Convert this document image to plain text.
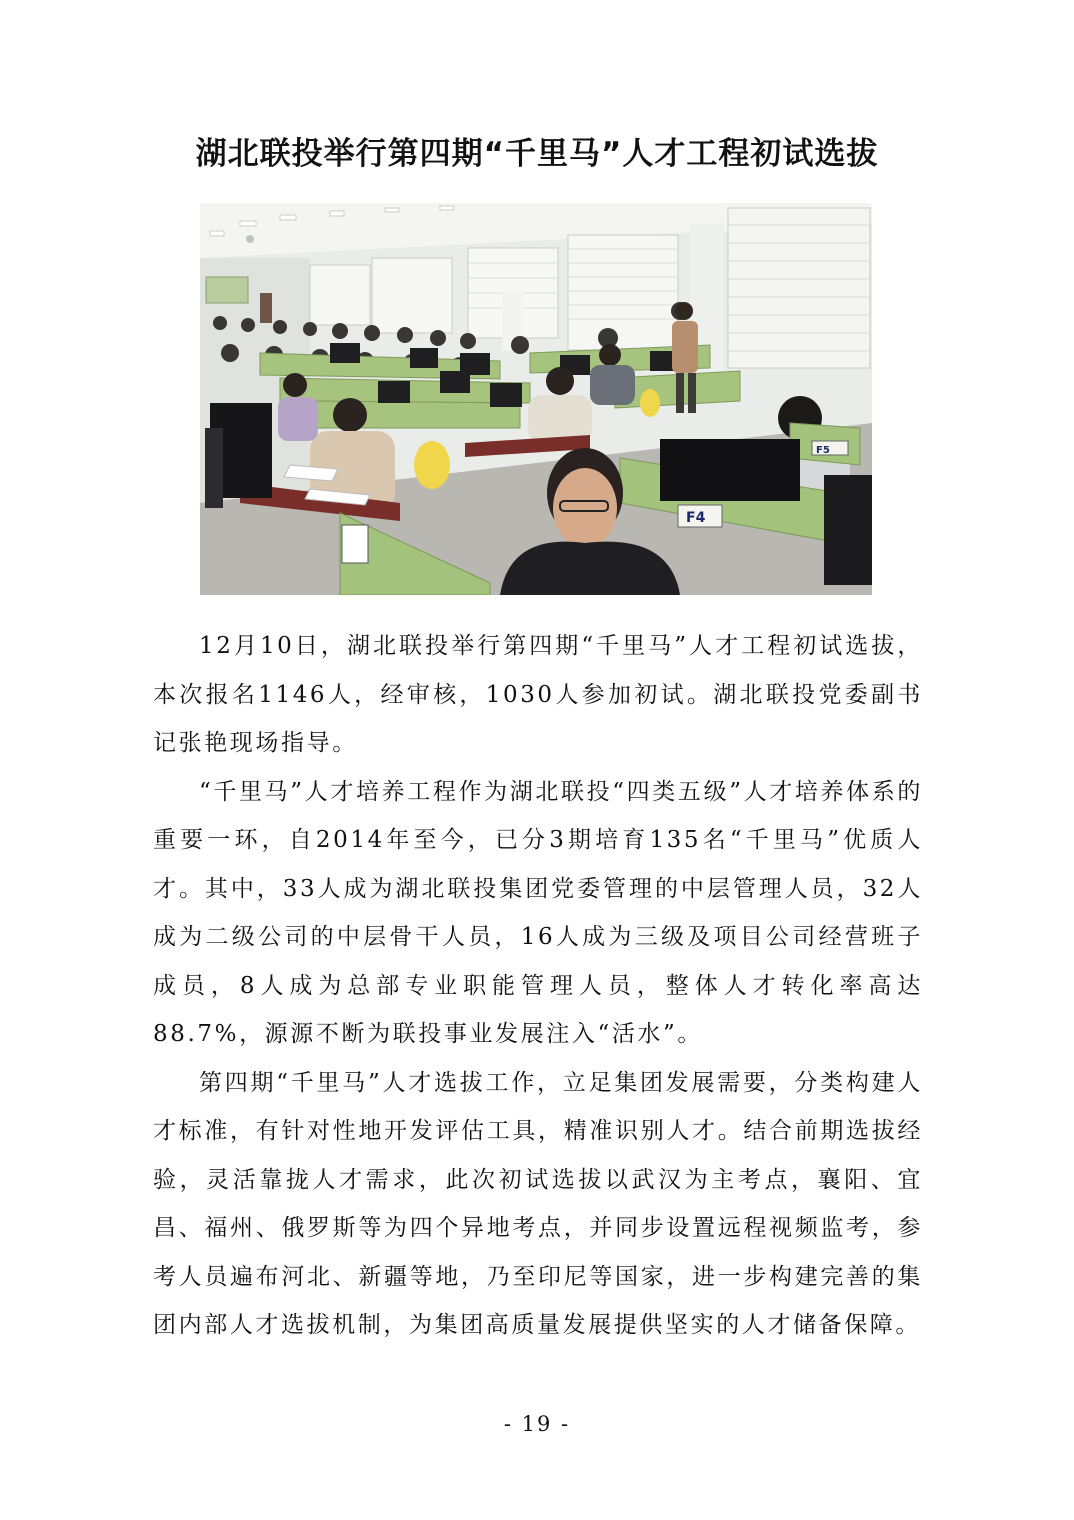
湖北联投举行第四期“千里马”人才工程初试选拔
F4
F5

12月10日，湖北联投举行第四期“千里马”人才工程初试选拔，本次报名1146人，经审核，1030人参加初试。湖北联投党委副书记张艳现场指导。

“千里马”人才培养工程作为湖北联投“四类五级”人才培养体系的重要一环，自2014年至今，已分3期培育135名“千里马”优质人才。其中，33人成为湖北联投集团党委管理的中层管理人员，32人成为二级公司的中层骨干人员，16人成为三级及项目公司经营班子成员，8人成为总部专业职能管理人员，整体人才转化率高达88.7%，源源不断为联投事业发展注入“活水”。

第四期“千里马”人才选拔工作，立足集团发展需要，分类构建人才标准，有针对性地开发评估工具，精准识别人才。结合前期选拔经验，灵活靠拢人才需求，此次初试选拔以武汉为主考点，襄阳、宜昌、福州、俄罗斯等为四个异地考点，并同步设置远程视频监考，参考人员遍布河北、新疆等地，乃至印尼等国家，进一步构建完善的集团内部人才选拔机制，为集团高质量发展提供坚实的人才储备保障。

- 19 -
